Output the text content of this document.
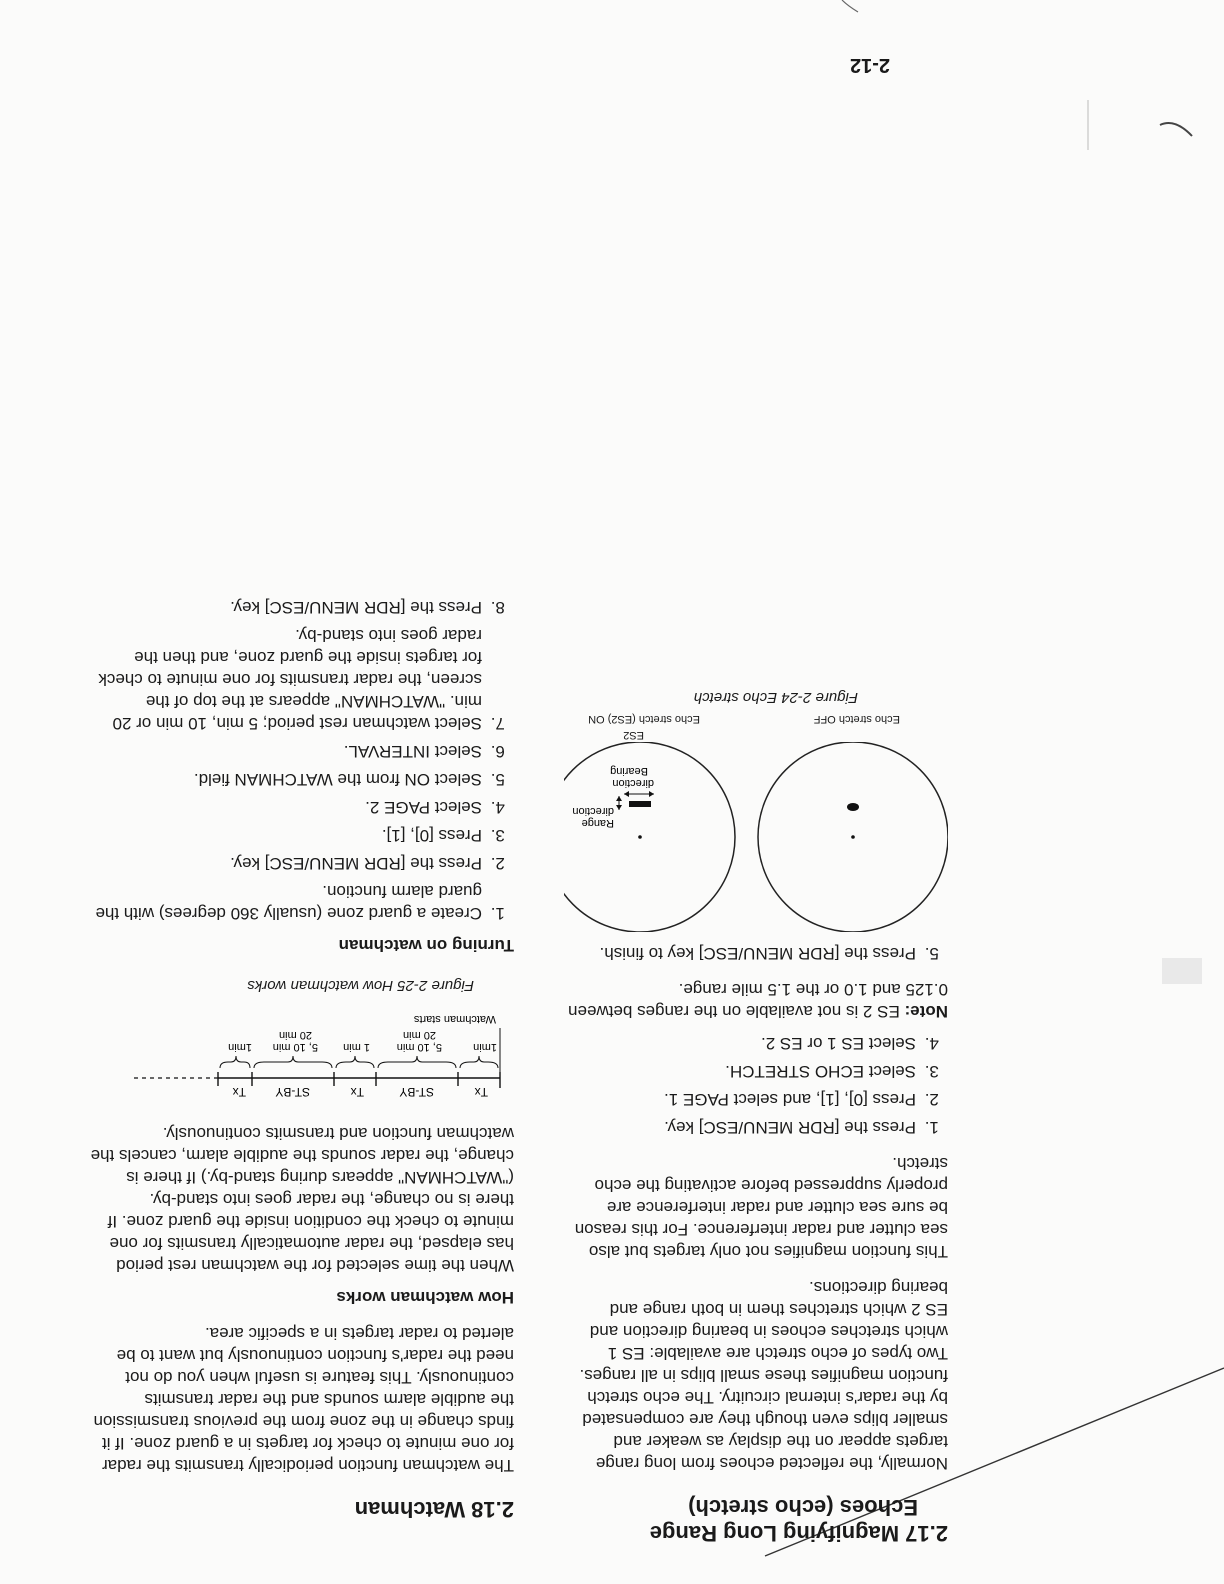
2-12
2.17 Magnifying Long Range
Echoes (echo stretch)

Normally, the reflected echoes from long range targets appear on the display as weaker and smaller blips even though they are compensated by the radar's internal circuitry. The echo stretch function magnifies these small blips in all ranges. Two types of echo stretch are available: ES 1 which stretches echoes in bearing direction and ES 2 which stretches them in both range and bearing directions.

This function magnifies not only targets but also sea clutter and radar interference. For this reason be sure sea clutter and radar interference are properly suppressed before activating the echo stretch.

1. Press the [RDR MENU/ESC] key.
2. Press [0], [1], and select PAGE 1.
3. Select ECHO STRETCH.
4. Select ES 1 or ES 2.

Note: ES 2 is not available on the ranges between 0.125 and 1.0 or the 1.5 mile range.

5. Press the [RDR MENU/ESC] key to finish.
Bearing
direction
Range
direction
Echo stretch OFF
ES2
Echo stretch (ES2) ON
Figure 2-24 Echo stretch
2.18 Watchman

The watchman function periodically transmits the radar for one minute to check for targets in a guard zone. If it finds change in the zone from the previous transmission the audible alarm sounds and the radar transmits continuously. This feature is useful when you do not need the radar's function continuously but want to be alerted to radar targets in a specific area.

How watchman works

When the time selected for the watchman rest period has elapsed, the radar automatically transmits for one minute to check the condition inside the guard zone. If there is no change, the radar goes into stand-by. ("WATCHMAN" appears during stand-by.) If there is change, the radar sounds the audible alarm, cancels the watchman function and transmits continuously.

Tx
ST-BY
Tx
ST-BY
Tx
1min
5, 10 min
20 min
1 min
5, 10 min
20 min
1min
Watchman starts
Figure 2-25 How watchman works
Turning on watchman
1. Create a guard zone (usually 360 degrees) with the guard alarm function.
2. Press the [RDR MENU/ESC] key.
3. Press [0], [1].
4. Select PAGE 2.
5. Select ON from the WATCHMAN field.
6. Select INTERVAL.
7. Select watchman rest period; 5 min, 10 min or 20 min. "WATCHMAN" appears at the top of the screen, the radar transmits for one minute to check for targets inside the guard zone, and then the radar goes into stand-by.
8. Press the [RDR MENU/ESC] key.
